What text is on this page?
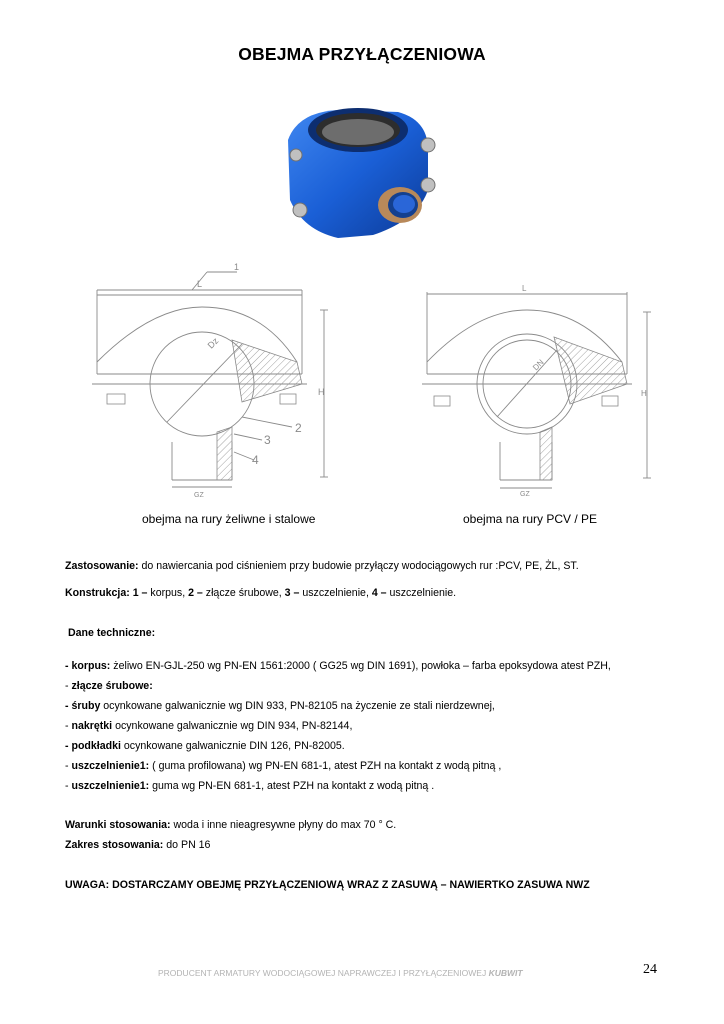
OBEJMA PRZYŁĄCZENIOWA
1
L
Dz
H
2
3
4
GZ
L
DN
H
GZ
obejma na rury żeliwne i stalowe	obejma na rury PCV / PE
Zastosowanie: do nawiercania pod ciśnieniem przy budowie przyłączy wodociągowych rur :PCV, PE, ŻL, ST.
Konstrukcja: 1 – korpus, 2 – złącze śrubowe, 3 – uszczelnienie, 4 – uszczelnienie.
Dane techniczne:
- korpus: żeliwo EN-GJL-250 wg PN-EN 1561:2000 ( GG25 wg DIN 1691), powłoka – farba epoksydowa atest PZH,
- złącze śrubowe:
- śruby ocynkowane galwanicznie wg DIN 933, PN-82105 na życzenie ze stali nierdzewnej,
- nakrętki ocynkowane galwanicznie wg DIN 934, PN-82144,
- podkładki ocynkowane galwanicznie DIN 126, PN-82005.
- uszczelnienie1: ( guma profilowana) wg PN-EN 681-1, atest PZH na kontakt z wodą pitną ,
- uszczelnienie1: guma wg PN-EN 681-1, atest PZH na kontakt z wodą pitną .
Warunki stosowania: woda i inne nieagresywne płyny do max 70 ° C.
Zakres stosowania: do PN 16
UWAGA: DOSTARCZAMY OBEJMĘ PRZYŁĄCZENIOWĄ WRAZ Z ZASUWĄ – NAWIERTKO ZASUWA NWZ
PRODUCENT ARMATURY WODOCIĄGOWEJ NAPRAWCZEJ I PRZYŁĄCZENIOWEJ KUBWIT	24
